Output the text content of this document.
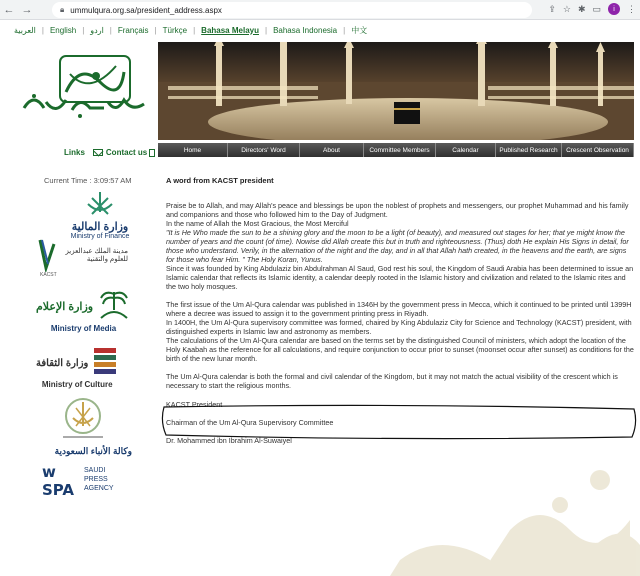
← →	🔒︎ ummulqura.org.sa/president_address.aspx	⇪ ☆ ✱ ▭	i	⋮
العربية | English | اردو | Français | Türkçe | Bahasa Melayu | Bahasa Indonesia | 中文
Links	Contact us	Home	Directors' Word	About	Committee Members	Calendar	Published Research	Crescent Observation
Current Time : 3:09:57 AM
وزارة المالية
Ministry of Finance
مدينة الملك عبدالعزيز للعلوم والتقنية
KACST
وزارة الإعلام
Ministry of Media
وزارة الثقافة
Ministry of Culture
وكالة الأنباء السعودية
w
SPA
SAUDI PRESS AGENCY
A word from KACST president

Praise be to Allah, and may Allah's peace and blessings be upon the noblest of prophets and messengers, our prophet Muhammad and his family and companions and those who followed him to the Day of Judgment.

In the name of Allah the Most Gracious, the Most Merciful

"It is He Who made the sun to be a shining glory and the moon to be a light (of beauty), and measured out stages for her; that ye might know the number of years and the count (of time). Nowise did Allah create this but in truth and righteousness. (Thus) doth He explain His Signs in detail, for those who understand. Verily, in the alternation of the night and the day, and in all that Allah hath created, in the heavens and the earth, are signs for those who fear Him. " The Holy Koran, Yunus.

Since it was founded by King Abdulaziz bin Abdulrahman Al Saud, God rest his soul, the Kingdom of Saudi Arabia has been determined to issue an Islamic calendar that reflects its Islamic identity, a calendar deeply rooted in the Islamic history and civilization and related to the Islamic rites and the two holy mosques.

The first issue of the Um Al-Qura calendar was published in 1346H by the government press in Mecca, which it continued to be printed until 1399H where a decree was issued to assign it to the government printing press in Riyadh.

In 1400H, the Um Al-Qura supervisory committee was formed, chaired by King Abdulaziz City for Science and Technology (KACST) president, with distinguished experts in Islamic law and astronomy as members.

The calculations of the Um Al-Qura calendar are based on the terms set by the distinguished Council of ministers, which adopt the location of the Holy Kaabah as the reference for all calculations, and require conjunction to occur prior to sunset (moonset occur after sunset) as conditions for the birth of the new lunar month.

The Um Al-Qura calendar is both the formal and civil calendar of the Kingdom, but it may not match the actual visibility of the crescent which is necessary to start the religious months.

KACST President

Chairman of the Um Al-Qura Supervisory Committee

Dr. Mohammed ibn Ibrahim Al-Suwaiyel
